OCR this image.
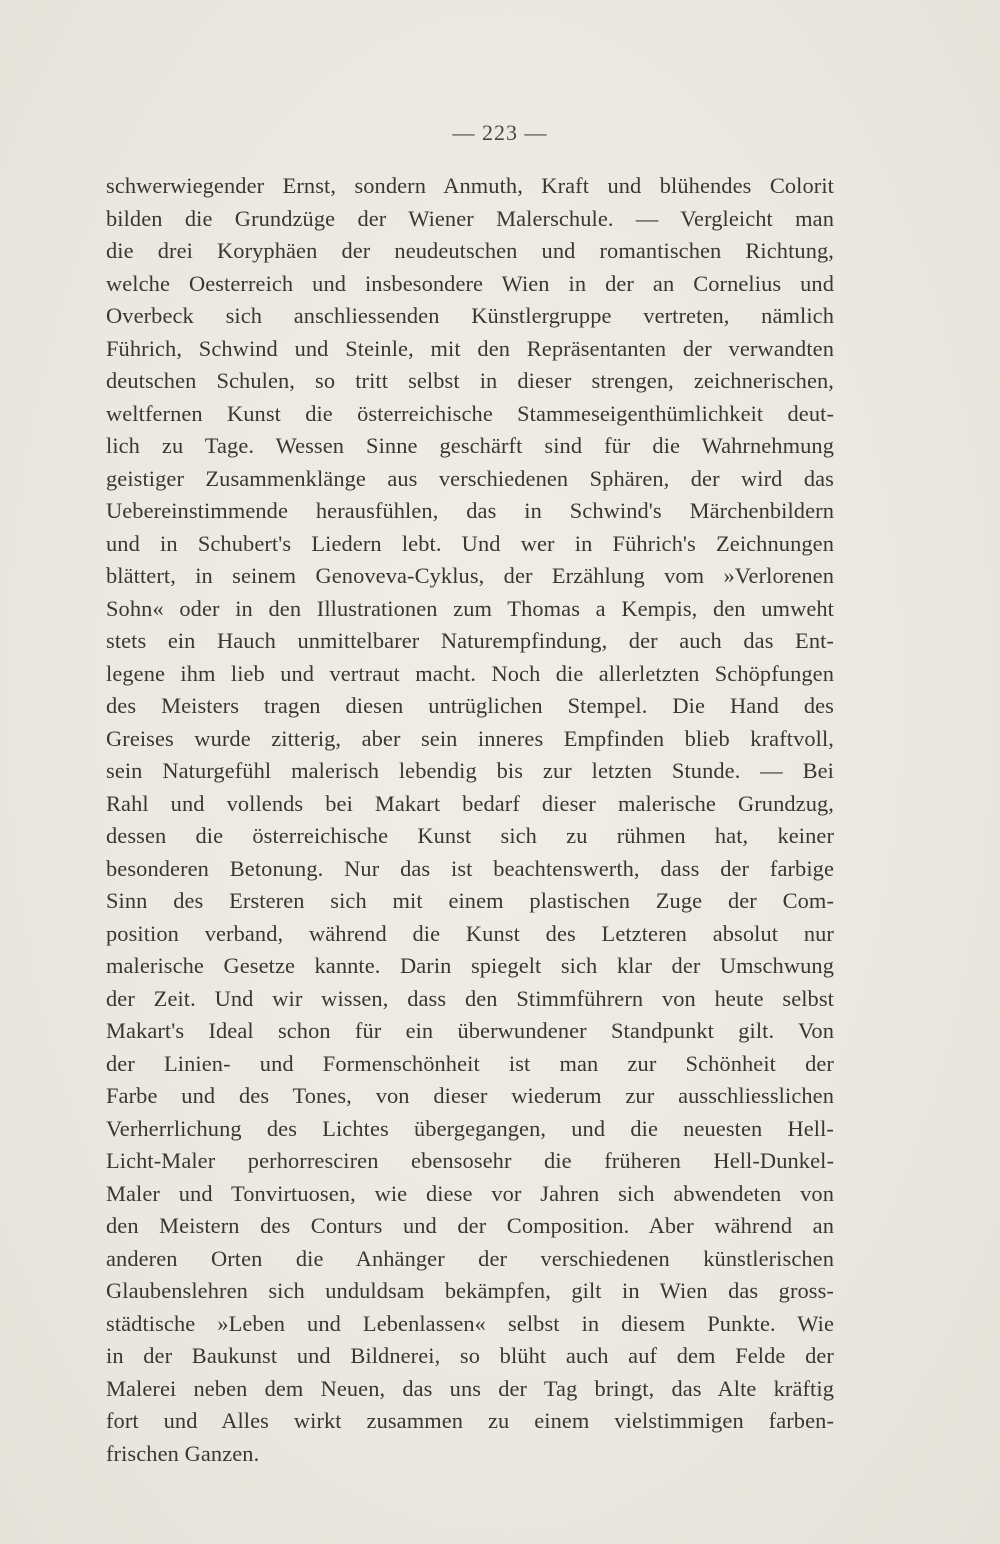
— 223 —
schwerwiegender Ernst, sondern Anmuth, Kraft und blühendes Colorit
bilden die Grundzüge der Wiener Malerschule. — Vergleicht man
die drei Koryphäen der neudeutschen und romantischen Richtung,
welche Oesterreich und insbesondere Wien in der an Cornelius und
Overbeck sich anschliessenden Künstlergruppe vertreten, nämlich
Führich, Schwind und Steinle, mit den Repräsentanten der verwandten
deutschen Schulen, so tritt selbst in dieser strengen, zeichnerischen,
weltfernen Kunst die österreichische Stammeseigenthümlichkeit deut-
lich zu Tage. Wessen Sinne geschärft sind für die Wahrnehmung
geistiger Zusammenklänge aus verschiedenen Sphären, der wird das
Uebereinstimmende herausfühlen, das in Schwind's Märchenbildern
und in Schubert's Liedern lebt. Und wer in Führich's Zeichnungen
blättert, in seinem Genoveva-Cyklus, der Erzählung vom »Verlorenen
Sohn« oder in den Illustrationen zum Thomas a Kempis, den umweht
stets ein Hauch unmittelbarer Naturempfindung, der auch das Ent-
legene ihm lieb und vertraut macht. Noch die allerletzten Schöpfungen
des Meisters tragen diesen untrüglichen Stempel. Die Hand des
Greises wurde zitterig, aber sein inneres Empfinden blieb kraftvoll,
sein Naturgefühl malerisch lebendig bis zur letzten Stunde. — Bei
Rahl und vollends bei Makart bedarf dieser malerische Grundzug,
dessen die österreichische Kunst sich zu rühmen hat, keiner
besonderen Betonung. Nur das ist beachtenswerth, dass der farbige
Sinn des Ersteren sich mit einem plastischen Zuge der Com-
position verband, während die Kunst des Letzteren absolut nur
malerische Gesetze kannte. Darin spiegelt sich klar der Umschwung
der Zeit. Und wir wissen, dass den Stimmführern von heute selbst
Makart's Ideal schon für ein überwundener Standpunkt gilt. Von
der Linien- und Formenschönheit ist man zur Schönheit der
Farbe und des Tones, von dieser wiederum zur ausschliesslichen
Verherrlichung des Lichtes übergegangen, und die neuesten Hell-
Licht-Maler perhorresciren ebensosehr die früheren Hell-Dunkel-
Maler und Tonvirtuosen, wie diese vor Jahren sich abwendeten von
den Meistern des Conturs und der Composition. Aber während an
anderen Orten die Anhänger der verschiedenen künstlerischen
Glaubenslehren sich unduldsam bekämpfen, gilt in Wien das gross-
städtische »Leben und Lebenlassen« selbst in diesem Punkte. Wie
in der Baukunst und Bildnerei, so blüht auch auf dem Felde der
Malerei neben dem Neuen, das uns der Tag bringt, das Alte kräftig
fort und Alles wirkt zusammen zu einem vielstimmigen farben-
frischen Ganzen.
